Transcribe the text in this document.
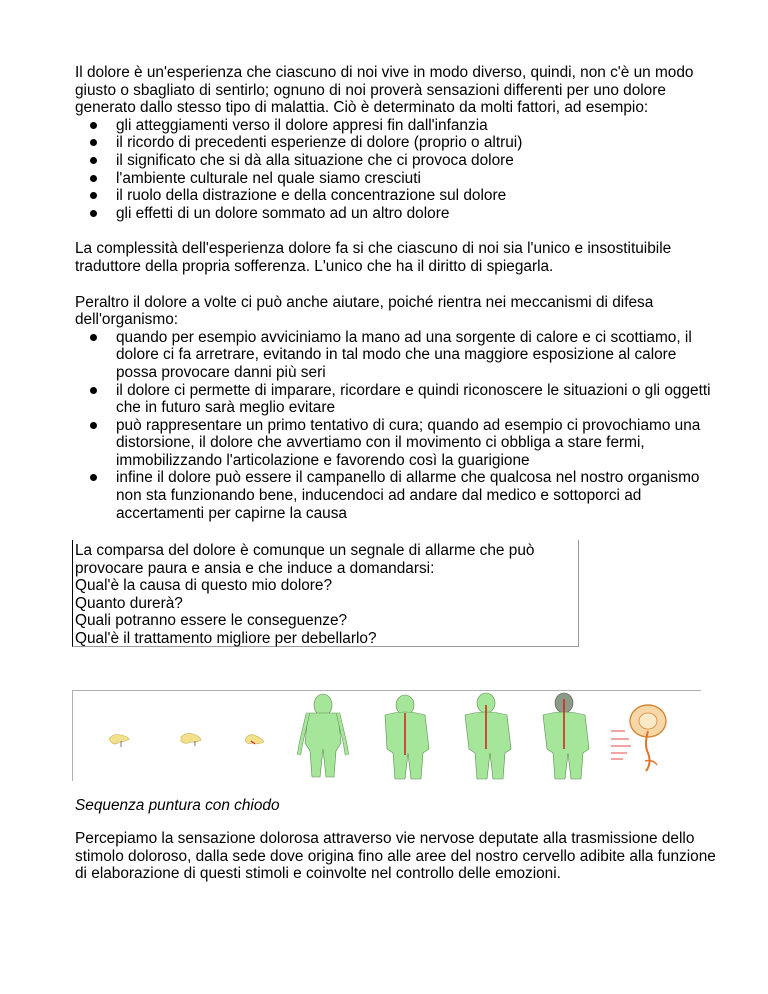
Il dolore è un'esperienza che ciascuno di noi vive in modo diverso, quindi, non c'è un modo giusto o sbagliato di sentirlo; ognuno di noi proverà sensazioni differenti per uno dolore generato dallo stesso tipo di malattia. Ciò è determinato da molti fattori, ad esempio:

gli atteggiamenti verso il dolore appresi fin dall'infanzia
il ricordo di precedenti esperienze di dolore (proprio o altrui)
il significato che si dà alla situazione che ci provoca dolore
l'ambiente culturale nel quale siamo cresciuti
il ruolo della distrazione e della concentrazione sul dolore
gli effetti di un dolore sommato ad un altro dolore

La complessità dell'esperienza dolore fa si che ciascuno di noi sia l'unico e insostituibile traduttore della propria sofferenza. L'unico che ha il diritto di spiegarla.

Peraltro il dolore a volte ci può anche aiutare, poiché rientra nei meccanismi di difesa dell'organismo:

quando per esempio avviciniamo la mano ad una sorgente di calore e ci scottiamo, il dolore ci fa arretrare, evitando in tal modo che una maggiore esposizione al calore possa provocare danni più seri
il dolore ci permette di imparare, ricordare e quindi riconoscere le situazioni o gli oggetti che in futuro sarà meglio evitare
può rappresentare un primo tentativo di cura; quando ad esempio ci provochiamo una distorsione, il dolore che avvertiamo con il movimento ci obbliga a stare fermi, immobilizzando l'articolazione e favorendo così la guarigione
infine il dolore può essere il campanello di allarme che qualcosa nel nostro organismo non sta funzionando bene, inducendoci ad andare dal medico e sottoporci ad accertamenti per capirne la causa
La comparsa del dolore è comunque un segnale di allarme che può
provocare paura e ansia e che induce a domandarsi:
Qual'è la causa di questo mio dolore?
Quanto durerà?
Quali potranno essere le conseguenze?
Qual'è il trattamento migliore per debellarlo?
Sequenza puntura con chiodo

Percepiamo la sensazione dolorosa attraverso vie nervose deputate alla trasmissione dello stimolo doloroso, dalla sede dove origina fino alle aree del nostro cervello adibite alla funzione di elaborazione di questi stimoli e coinvolte nel controllo delle emozioni.
